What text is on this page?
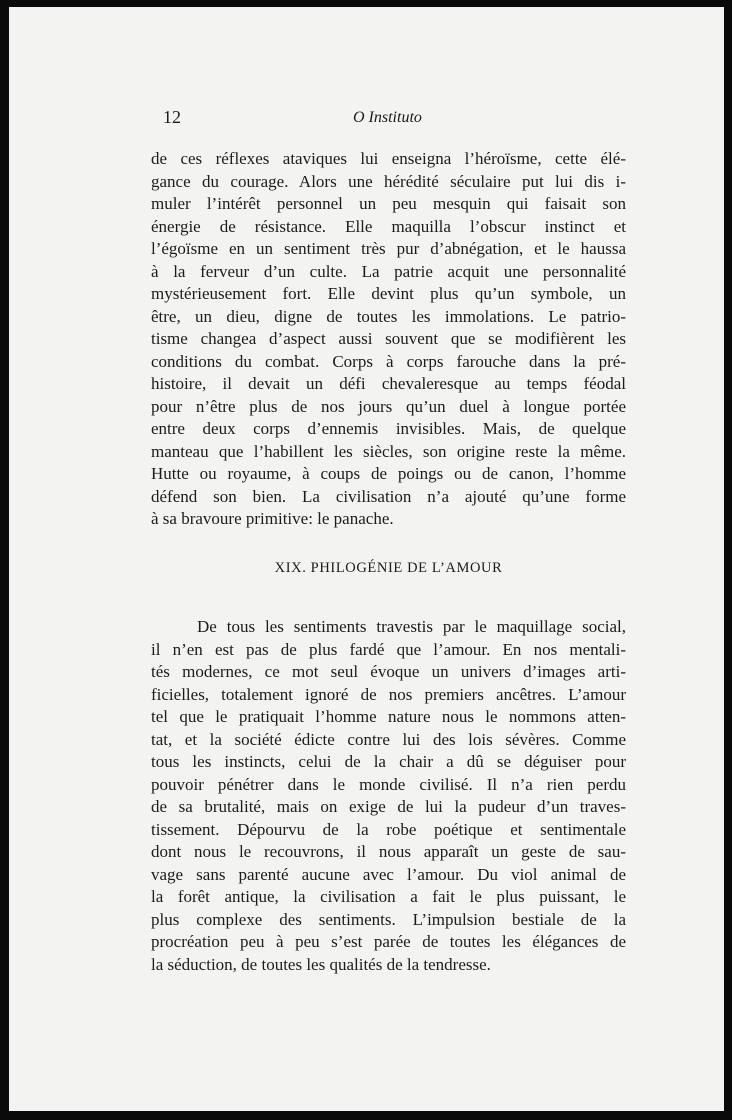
12	O Instituto
de ces réflexes ataviques lui enseigna l’héroïsme, cette élé-
gance du courage. Alors une hérédité séculaire put lui dis i-
muler l’intérêt personnel un peu mesquin qui faisait son
énergie de résistance. Elle maquilla l’obscur instinct et
l’égoïsme en un sentiment très pur d’abnégation, et le haussa
à la ferveur d’un culte. La patrie acquit une personnalité
mystérieusement fort. Elle devint plus qu’un symbole, un
être, un dieu, digne de toutes les immolations. Le patrio-
tisme changea d’aspect aussi souvent que se modifièrent les
conditions du combat. Corps à corps farouche dans la pré-
histoire, il devait un défi chevaleresque au temps féodal
pour n’être plus de nos jours qu’un duel à longue portée
entre deux corps d’ennemis invisibles. Mais, de quelque
manteau que l’habillent les siècles, son origine reste la même.
Hutte ou royaume, à coups de poings ou de canon, l’homme
défend son bien. La civilisation n’a ajouté qu’une forme
à sa bravoure primitive: le panache.
XIX. PHILOGÉNIE DE L’AMOUR
De tous les sentiments travestis par le maquillage social,
il n’en est pas de plus fardé que l’amour. En nos mentali-
tés modernes, ce mot seul évoque un univers d’images arti-
ficielles, totalement ignoré de nos premiers ancêtres. L’amour
tel que le pratiquait l’homme nature nous le nommons atten-
tat, et la société édicte contre lui des lois sévères. Comme
tous les instincts, celui de la chair a dû se déguiser pour
pouvoir pénétrer dans le monde civilisé. Il n’a rien perdu
de sa brutalité, mais on exige de lui la pudeur d’un traves-
tissement. Dépourvu de la robe poétique et sentimentale
dont nous le recouvrons, il nous apparaît un geste de sau-
vage sans parenté aucune avec l’amour. Du viol animal de
la forêt antique, la civilisation a fait le plus puissant, le
plus complexe des sentiments. L’impulsion bestiale de la
procréation peu à peu s’est parée de toutes les élégances de
la séduction, de toutes les qualités de la tendresse.
